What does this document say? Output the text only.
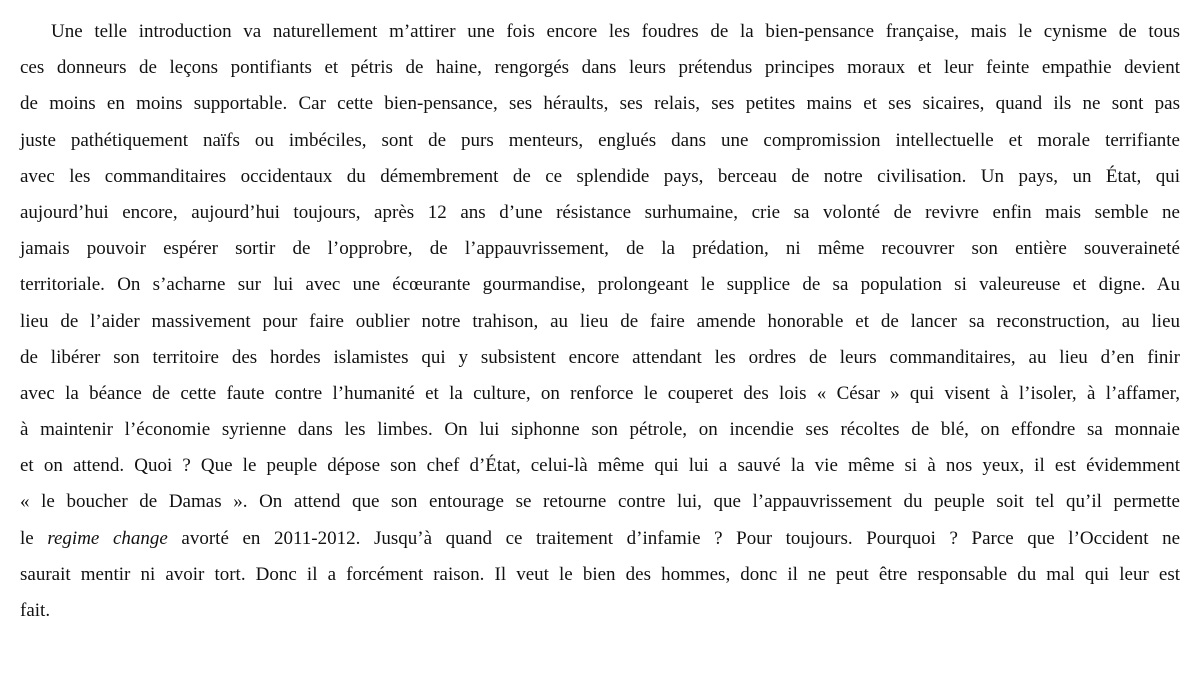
Une telle introduction va naturellement m’attirer une fois encore les foudres de la bien-pensance française, mais le cynisme de tous
ces donneurs de leçons pontifiants et pétris de haine, rengorgés dans leurs prétendus principes moraux et leur feinte empathie devient
de moins en moins supportable. Car cette bien-pensance, ses héraults, ses relais, ses petites mains et ses sicaires, quand ils ne sont pas
juste pathétiquement naïfs ou imbéciles, sont de purs menteurs, englués dans une compromission intellectuelle et morale terrifiante
avec les commanditaires occidentaux du démembrement de ce splendide pays, berceau de notre civilisation. Un pays, un État, qui
aujourd’hui encore, aujourd’hui toujours, après 12 ans d’une résistance surhumaine, crie sa volonté de revivre enfin mais semble ne
jamais pouvoir espérer sortir de l’opprobre, de l’appauvrissement, de la prédation, ni même recouvrer son entière souveraineté
territoriale. On s’acharne sur lui avec une écœurante gourmandise, prolongeant le supplice de sa population si valeureuse et digne. Au
lieu de l’aider massivement pour faire oublier notre trahison, au lieu de faire amende honorable et de lancer sa reconstruction, au lieu
de libérer son territoire des hordes islamistes qui y subsistent encore attendant les ordres de leurs commanditaires, au lieu d’en finir
avec la béance de cette faute contre l’humanité et la culture, on renforce le couperet des lois « César » qui visent à l’isoler, à l’affamer,
à maintenir l’économie syrienne dans les limbes. On lui siphonne son pétrole, on incendie ses récoltes de blé, on effondre sa monnaie
et on attend. Quoi ? Que le peuple dépose son chef d’État, celui-là même qui lui a sauvé la vie même si à nos yeux, il est évidemment
« le boucher de Damas ». On attend que son entourage se retourne contre lui, que l’appauvrissement du peuple soit tel qu’il permette
le regime change avorté en 2011-2012. Jusqu’à quand ce traitement d’infamie ? Pour toujours. Pourquoi ? Parce que l’Occident ne
saurait mentir ni avoir tort. Donc il a forcément raison. Il veut le bien des hommes, donc il ne peut être responsable du mal qui leur est
fait.
